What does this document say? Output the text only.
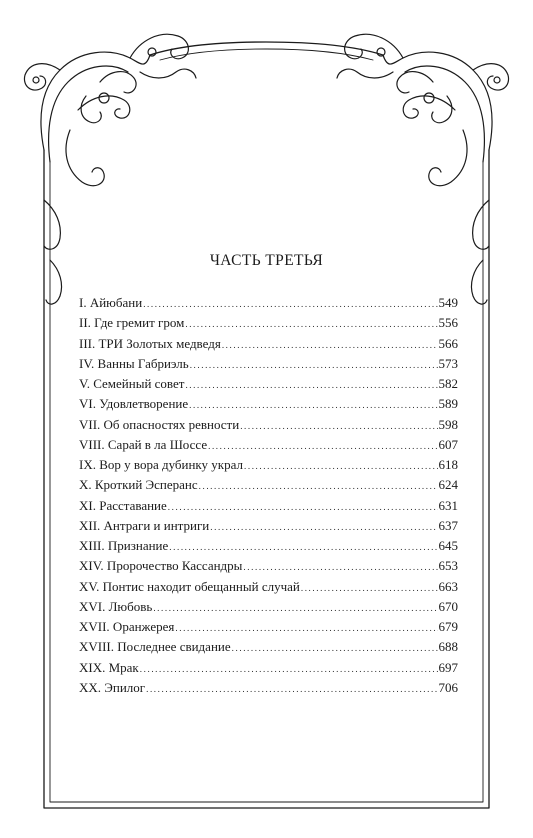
ЧАСТЬ ТРЕТЬЯ
I. Айюбани .....	549
II. Где гремит гром .....	556
III. ТРИ Золотых медведя .....	566
IV. Ванны Габриэль .....	573
V. Семейный совет .....	582
VI. Удовлетворение .....	589
VII. Об опасностях ревности .....	598
VIII. Сарай в ла Шоссе .....	607
IX. Вор у вора дубинку украл .....	618
X. Кроткий Эсперанс .....	624
XI. Расставание .....	631
XII. Антраги и интриги .....	637
XIII. Признание .....	645
XIV. Пророчество Кассандры .....	653
XV. Понтис находит обещанный случай .....	663
XVI. Любовь .....	670
XVII. Оранжерея .....	679
XVIII. Последнее свидание .....	688
XIX. Мрак .....	697
XX. Эпилог .....	706
